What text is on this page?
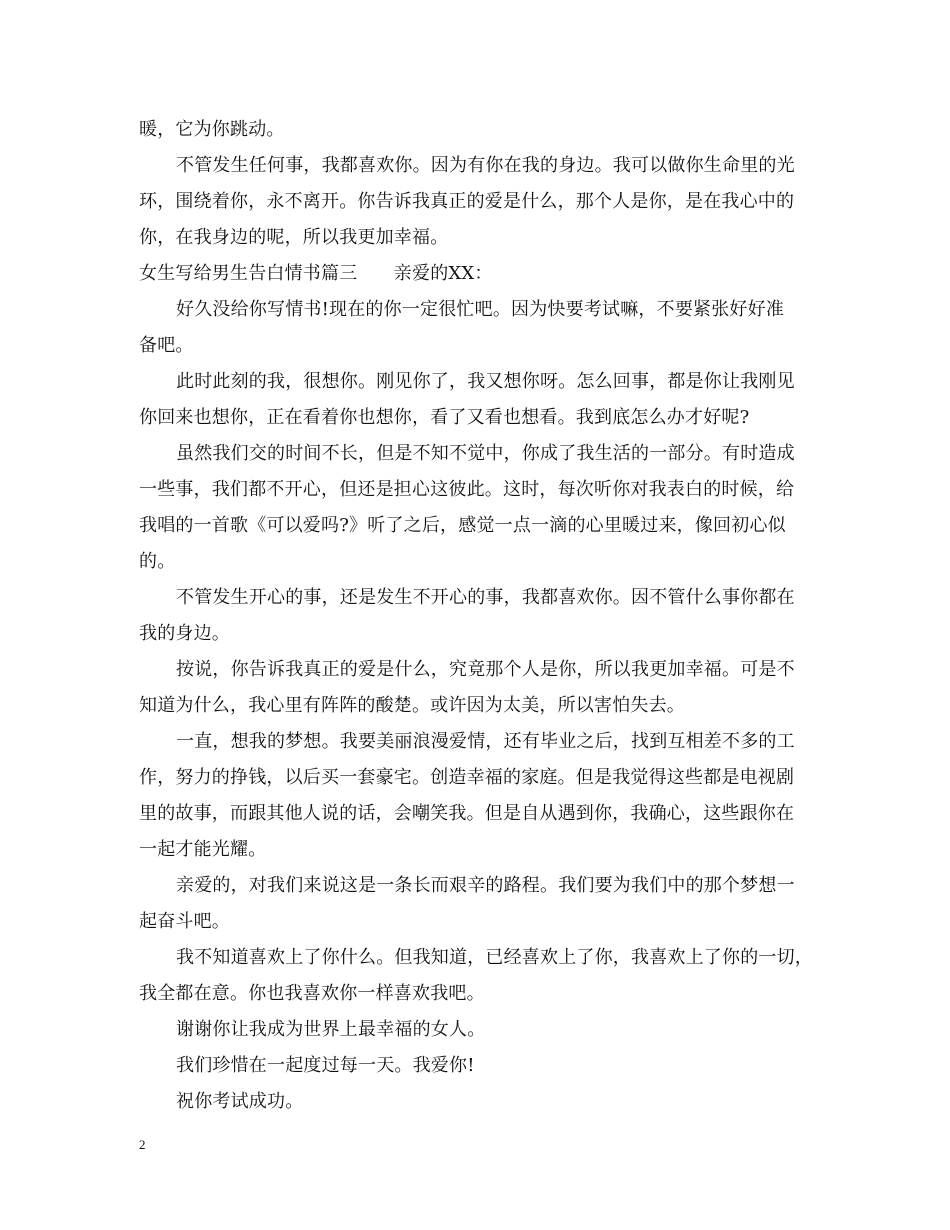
暖，它为你跳动。

不管发生任何事，我都喜欢你。因为有你在我的身边。我可以做你生命里的光

环，围绕着你，永不离开。你告诉我真正的爱是什么，那个人是你，是在我心中的

你，在我身边的呢，所以我更加幸福。

女生写给男生告白情书篇三　　亲爱的XX：

好久没给你写情书!现在的你一定很忙吧。因为快要考试嘛，不要紧张好好准

备吧。

此时此刻的我，很想你。刚见你了，我又想你呀。怎么回事，都是你让我刚见

你回来也想你，正在看着你也想你，看了又看也想看。我到底怎么办才好呢?

虽然我们交的时间不长，但是不知不觉中，你成了我生活的一部分。有时造成

一些事，我们都不开心，但还是担心这彼此。这时，每次听你对我表白的时候，给

我唱的一首歌《可以爱吗?》听了之后，感觉一点一滴的心里暖过来，像回初心似

的。

不管发生开心的事，还是发生不开心的事，我都喜欢你。因不管什么事你都在

我的身边。

按说，你告诉我真正的爱是什么，究竟那个人是你，所以我更加幸福。可是不

知道为什么，我心里有阵阵的酸楚。或许因为太美，所以害怕失去。

一直，想我的梦想。我要美丽浪漫爱情，还有毕业之后，找到互相差不多的工

作，努力的挣钱，以后买一套豪宅。创造幸福的家庭。但是我觉得这些都是电视剧

里的故事，而跟其他人说的话，会嘲笑我。但是自从遇到你，我确心，这些跟你在

一起才能光耀。

亲爱的，对我们来说这是一条长而艰辛的路程。我们要为我们中的那个梦想一

起奋斗吧。

我不知道喜欢上了你什么。但我知道，已经喜欢上了你，我喜欢上了你的一切，

我全都在意。你也我喜欢你一样喜欢我吧。

谢谢你让我成为世界上最幸福的女人。

我们珍惜在一起度过每一天。我爱你!

祝你考试成功。

2
